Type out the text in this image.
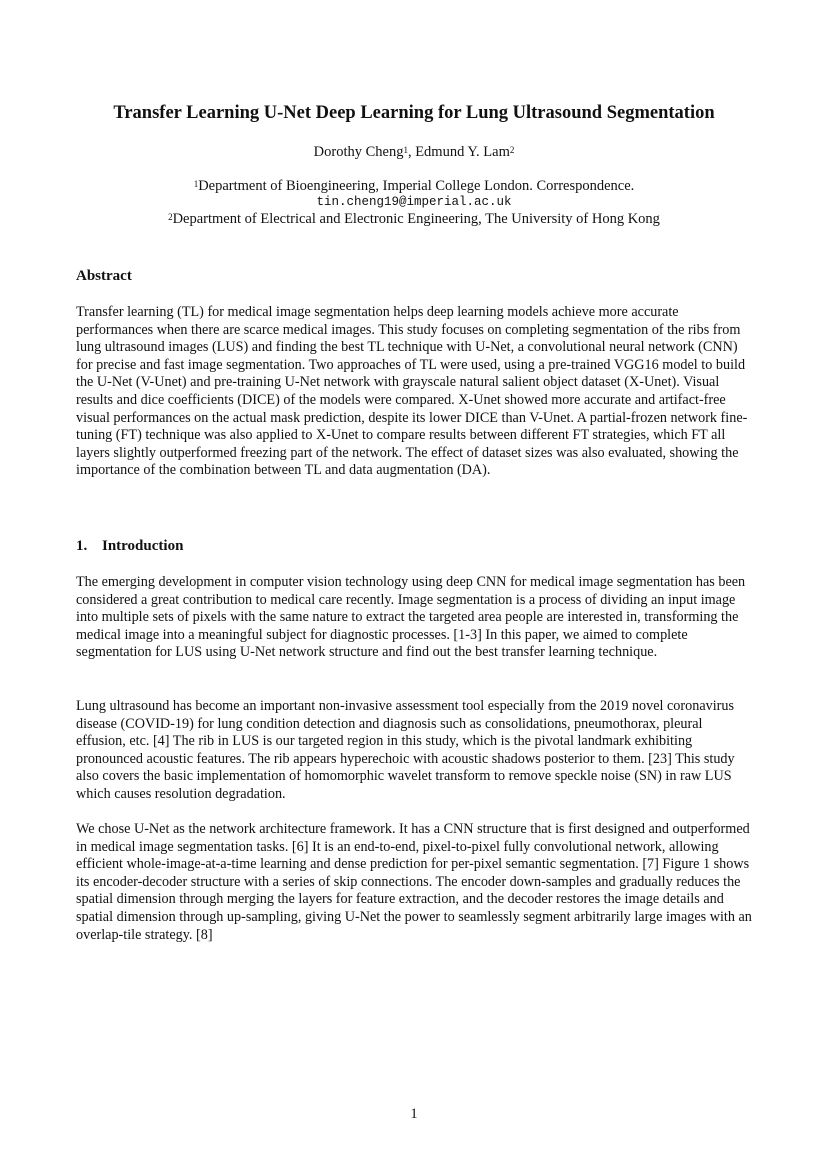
Transfer Learning U-Net Deep Learning for Lung Ultrasound Segmentation
Dorothy Cheng$^1$, Edmund Y. Lam$^2$
$^1$Department of Bioengineering, Imperial College London. Correspondence.
tin.cheng19@imperial.ac.uk
$^2$Department of Electrical and Electronic Engineering, The University of Hong Kong
Abstract

Transfer learning (TL) for medical image segmentation helps deep learning models achieve more accurate performances when there are scarce medical images. This study focuses on completing segmentation of the ribs from lung ultrasound images (LUS) and finding the best TL technique with U-Net, a convolutional neural network (CNN) for precise and fast image segmentation. Two approaches of TL were used, using a pre-trained VGG16 model to build the U-Net (V-Unet) and pre-training U-Net network with grayscale natural salient object dataset (X-Unet). Visual results and dice coefficients (DICE) of the models were compared. X-Unet showed more accurate and artifact-free visual performances on the actual mask prediction, despite its lower DICE than V-Unet. A partial-frozen network fine-tuning (FT) technique was also applied to X-Unet to compare results between different FT strategies, which FT all layers slightly outperformed freezing part of the network. The effect of dataset sizes was also evaluated, showing the importance of the combination between TL and data augmentation (DA).

1. Introduction

The emerging development in computer vision technology using deep CNN for medical image segmentation has been considered a great contribution to medical care recently. Image segmentation is a process of dividing an input image into multiple sets of pixels with the same nature to extract the targeted area people are interested in, transforming the medical image into a meaningful subject for diagnostic processes. [1-3] In this paper, we aimed to complete segmentation for LUS using U-Net network structure and find out the best transfer learning technique.

Lung ultrasound has become an important non-invasive assessment tool especially from the 2019 novel coronavirus disease (COVID-19) for lung condition detection and diagnosis such as consolidations, pneumothorax, pleural effusion, etc. [4] The rib in LUS is our targeted region in this study, which is the pivotal landmark exhibiting pronounced acoustic features. The rib appears hyperechoic with acoustic shadows posterior to them. [23] This study also covers the basic implementation of homomorphic wavelet transform to remove speckle noise (SN) in raw LUS which causes resolution degradation.

We chose U-Net as the network architecture framework. It has a CNN structure that is first designed and outperformed in medical image segmentation tasks. [6] It is an end-to-end, pixel-to-pixel fully convolutional network, allowing efficient whole-image-at-a-time learning and dense prediction for per-pixel semantic segmentation. [7] Figure 1 shows its encoder-decoder structure with a series of skip connections. The encoder down-samples and gradually reduces the spatial dimension through merging the layers for feature extraction, and the decoder restores the image details and spatial dimension through up-sampling, giving U-Net the power to seamlessly segment arbitrarily large images with an overlap-tile strategy. [8]

1
